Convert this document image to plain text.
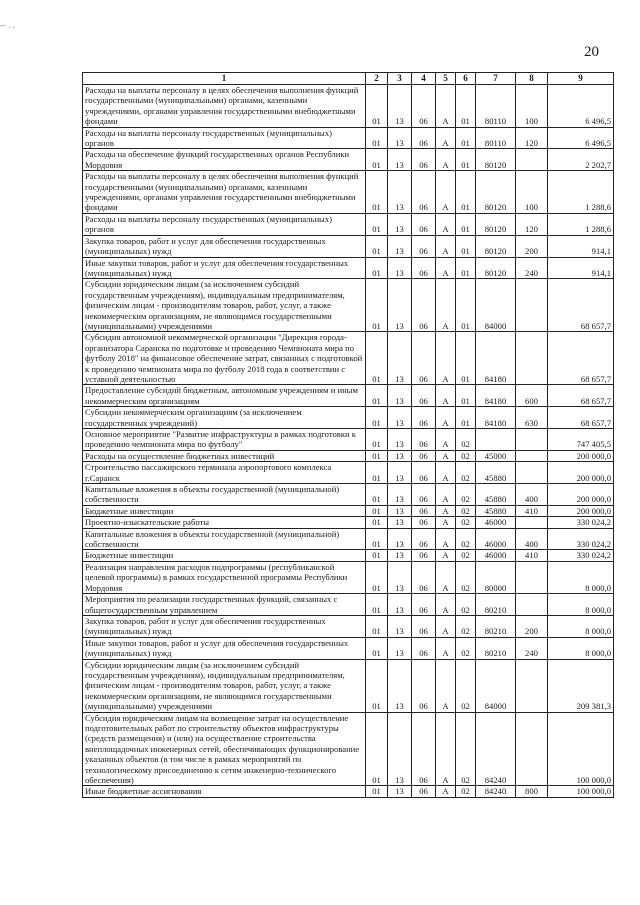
-- . .
20
1	2	3	4	5	6	7	8	9
Расходы на выплаты персоналу в целях обеспечения выполнения функций государственными (муниципальными) органами, казенными учреждениями, органами управления государственными внебюджетными фондами	01	13	06	А	01	80110	100	6 496,5
Расходы на выплаты персоналу государственных (муниципальных) органов	01	13	06	А	01	80110	120	6 496,5
Расходы на обеспечение функций государственных органов Республики Мордовия	01	13	06	А	01	80120		2 202,7
Расходы на выплаты персоналу в целях обеспечения выполнения функций государственными (муниципальными) органами, казенными учреждениями, органами управления государственными внебюджетными фондами	01	13	06	А	01	80120	100	1 288,6
Расходы на выплаты персоналу государственных (муниципальных) органов	01	13	06	А	01	80120	120	1 288,6
Закупка товаров, работ и услуг для обеспечения государственных (муниципальных) нужд	01	13	06	А	01	80120	200	914,1
Иные закупки товаров, работ и услуг для обеспечения государственных (муниципальных) нужд	01	13	06	А	01	80120	240	914,1
Субсидии юридическим лицам (за исключением субсидий государственным учреждениям), индивидуальным предпринимателям, физическим лицам - производителям товаров, работ, услуг, а также некоммерческим организациям, не являющимся государственными (муниципальными) учреждениями	01	13	06	А	01	84000		68 657,7
Субсидия автономной некоммерческой организации "Дирекция города-организатора Саранска по подготовке и проведению Чемпионата мира по футболу 2018" на финансовое обеспечение затрат, связанных с подготовкой к проведению чемпионата мира по футболу 2018 года в соответствии с уставной деятельностью	01	13	06	А	01	84180		68 657,7
Предоставление субсидий бюджетным, автономным учреждениям и иным некоммерческим организациям	01	13	06	А	01	84180	600	68 657,7
Субсидии некоммерческим организациям (за исключением государственных учреждений)	01	13	06	А	01	84180	630	68 657,7
Основное мероприятие "Развитие инфраструктуры в рамках подготовки к проведению чемпионата мира по футболу"	01	13	06	А	02			747 405,5
Расходы на осуществление бюджетных инвестиций	01	13	06	А	02	45000		200 000,0
Строительство пассажирского терминала аэропортового комплекса г.Саранск	01	13	06	А	02	45880		200 000,0
Капитальные вложения в объекты государственной (муниципальной) собственности	01	13	06	А	02	45880	400	200 000,0
Бюджетные инвестиции	01	13	06	А	02	45880	410	200 000,0
Проектно-изыскательские работы	01	13	06	А	02	46000		330 024,2
Капитальные вложения в объекты государственной (муниципальной) собственности	01	13	06	А	02	46000	400	330 024,2
Бюджетные инвестиции	01	13	06	А	02	46000	410	330 024,2
Реализация направления расходов подпрограммы (республиканской целевой программы) в рамках государственной программы Республики Мордовия	01	13	06	А	02	80000		8 000,0
Мероприятия по реализации государственных функций, связанных с общегосударственным управлением	01	13	06	А	02	80210		8 000,0
Закупка товаров, работ и услуг для обеспечения государственных (муниципальных) нужд	01	13	06	А	02	80210	200	8 000,0
Иные закупки товаров, работ и услуг для обеспечения государственных (муниципальных) нужд	01	13	06	А	02	80210	240	8 000,0
Субсидии юридическим лицам (за исключением субсидий государственным учреждениям), индивидуальным предпринимателям, физическим лицам - производителям товаров, работ, услуг, а также некоммерческим организациям, не являющимся государственными (муниципальными) учреждениями	01	13	06	А	02	84000		209 381,3
Субсидия юридическим лицам на возмещение затрат на осуществление подготовительных работ по строительству объектов инфраструктуры (средств размещения) и (или) на осуществление строительства внеплощадочных инженерных сетей, обеспечивающих функционирование указанных объектов (в том числе в рамках мероприятий по технологическому присоединению к сетям инженерно-технического обеспечения)	01	13	06	А	02	84240		100 000,0
Иные бюджетные ассигнования	01	13	06	А	02	84240	800	100 000,0
